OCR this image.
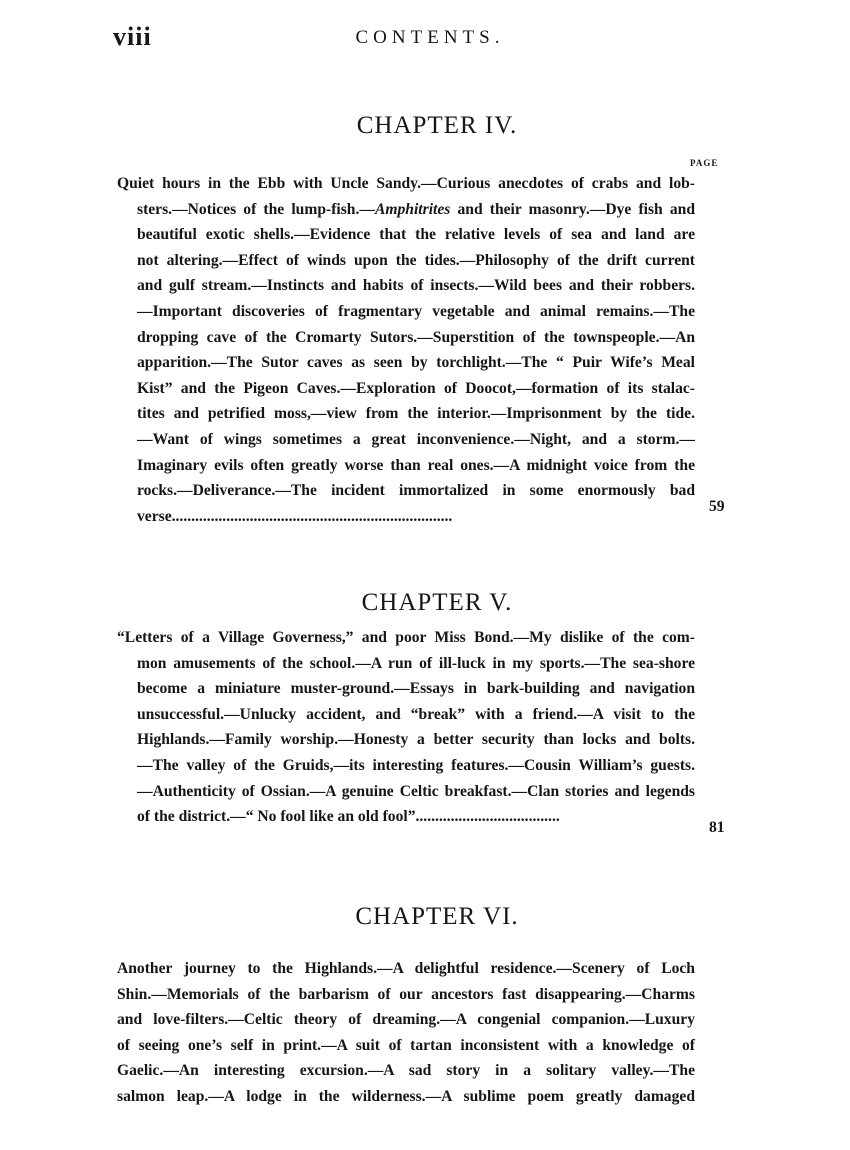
viii	CONTENTS.
PAGE
CHAPTER IV.
Quiet hours in the Ebb with Uncle Sandy.—Curious anecdotes of crabs and lob-
sters.—Notices of the lump-fish.—Amphitrites and their masonry.—Dye fish and
beautiful exotic shells.—Evidence that the relative levels of sea and land are
not altering.—Effect of winds upon the tides.—Philosophy of the drift current
and gulf stream.—Instincts and habits of insects.—Wild bees and their robbers.
—Important discoveries of fragmentary vegetable and animal remains.—The
dropping cave of the Cromarty Sutors.—Superstition of the townspeople.—An
apparition.—The Sutor caves as seen by torchlight.—The “ Puir Wife’s Meal
Kist” and the Pigeon Caves.—Exploration of Doocot,—formation of its stalac-
tites and petrified moss,—view from the interior.—Imprisonment by the tide.
—Want of wings sometimes a great inconvenience.—Night, and a storm.—
Imaginary evils often greatly worse than real ones.—A midnight voice from the
rocks.—Deliverance.—The incident immortalized in some enormously bad
verse........................................................................
59
CHAPTER V.
“Letters of a Village Governess,” and poor Miss Bond.—My dislike of the com-
mon amusements of the school.—A run of ill-luck in my sports.—The sea-shore
become a miniature muster-ground.—Essays in bark-building and navigation
unsuccessful.—Unlucky accident, and “break” with a friend.—A visit to the
Highlands.—Family worship.—Honesty a better security than locks and bolts.
—The valley of the Gruids,—its interesting features.—Cousin William’s guests.
—Authenticity of Ossian.—A genuine Celtic breakfast.—Clan stories and legends
of the district.—“ No fool like an old fool”.....................................
81
CHAPTER VI.
Another journey to the Highlands.—A delightful residence.—Scenery of Loch
Shin.—Memorials of the barbarism of our ancestors fast disappearing.—Charms
and love-filters.—Celtic theory of dreaming.—A congenial companion.—Luxury
of seeing one’s self in print.—A suit of tartan inconsistent with a knowledge of
Gaelic.—An interesting excursion.—A sad story in a solitary valley.—The
salmon leap.—A lodge in the wilderness.—A sublime poem greatly damaged
